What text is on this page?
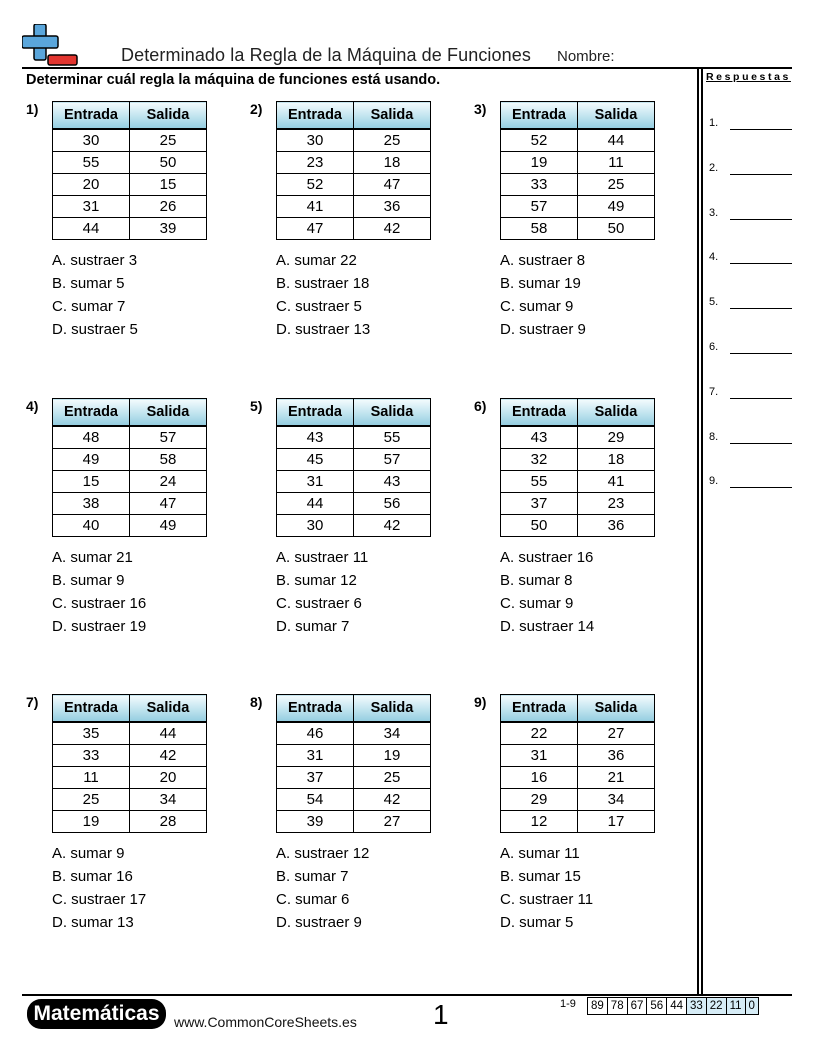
Determinado la Regla de la Máquina de Funciones Nombre:
Determinar cuál regla la máquina de funciones está usando.	Respuestas
1.
2.
3.
4.
5.
6.
7.
8.
9.
1) Entrada	Salida
30	25
55	50
20	15
31	26
44	39
A. sustraer 3
B. sumar 5
C. sumar 7
D. sustraer 5
2) Entrada	Salida
30	25
23	18
52	47
41	36
47	42
A. sumar 22
B. sustraer 18
C. sustraer 5
D. sustraer 13
3) Entrada	Salida
52	44
19	11
33	25
57	49
58	50
A. sustraer 8
B. sumar 19
C. sumar 9
D. sustraer 9
4) Entrada	Salida
48	57
49	58
15	24
38	47
40	49
A. sumar 21
B. sumar 9
C. sustraer 16
D. sustraer 19
5) Entrada	Salida
43	55
45	57
31	43
44	56
30	42
A. sustraer 11
B. sumar 12
C. sustraer 6
D. sumar 7
6) Entrada	Salida
43	29
32	18
55	41
37	23
50	36
A. sustraer 16
B. sumar 8
C. sumar 9
D. sustraer 14
7) Entrada	Salida
35	44
33	42
11	20
25	34
19	28
A. sumar 9
B. sumar 16
C. sustraer 17
D. sumar 13
8) Entrada	Salida
46	34
31	19
37	25
54	42
39	27
A. sustraer 12
B. sumar 7
C. sumar 6
D. sustraer 9
9) Entrada	Salida
22	27
31	36
16	21
29	34
12	17
A. sumar 11
B. sumar 15
C. sustraer 11
D. sumar 5
Matemáticas	www.CommonCoreSheets.es	1	1-9	89 78 67 56 44 33 22 11 0
